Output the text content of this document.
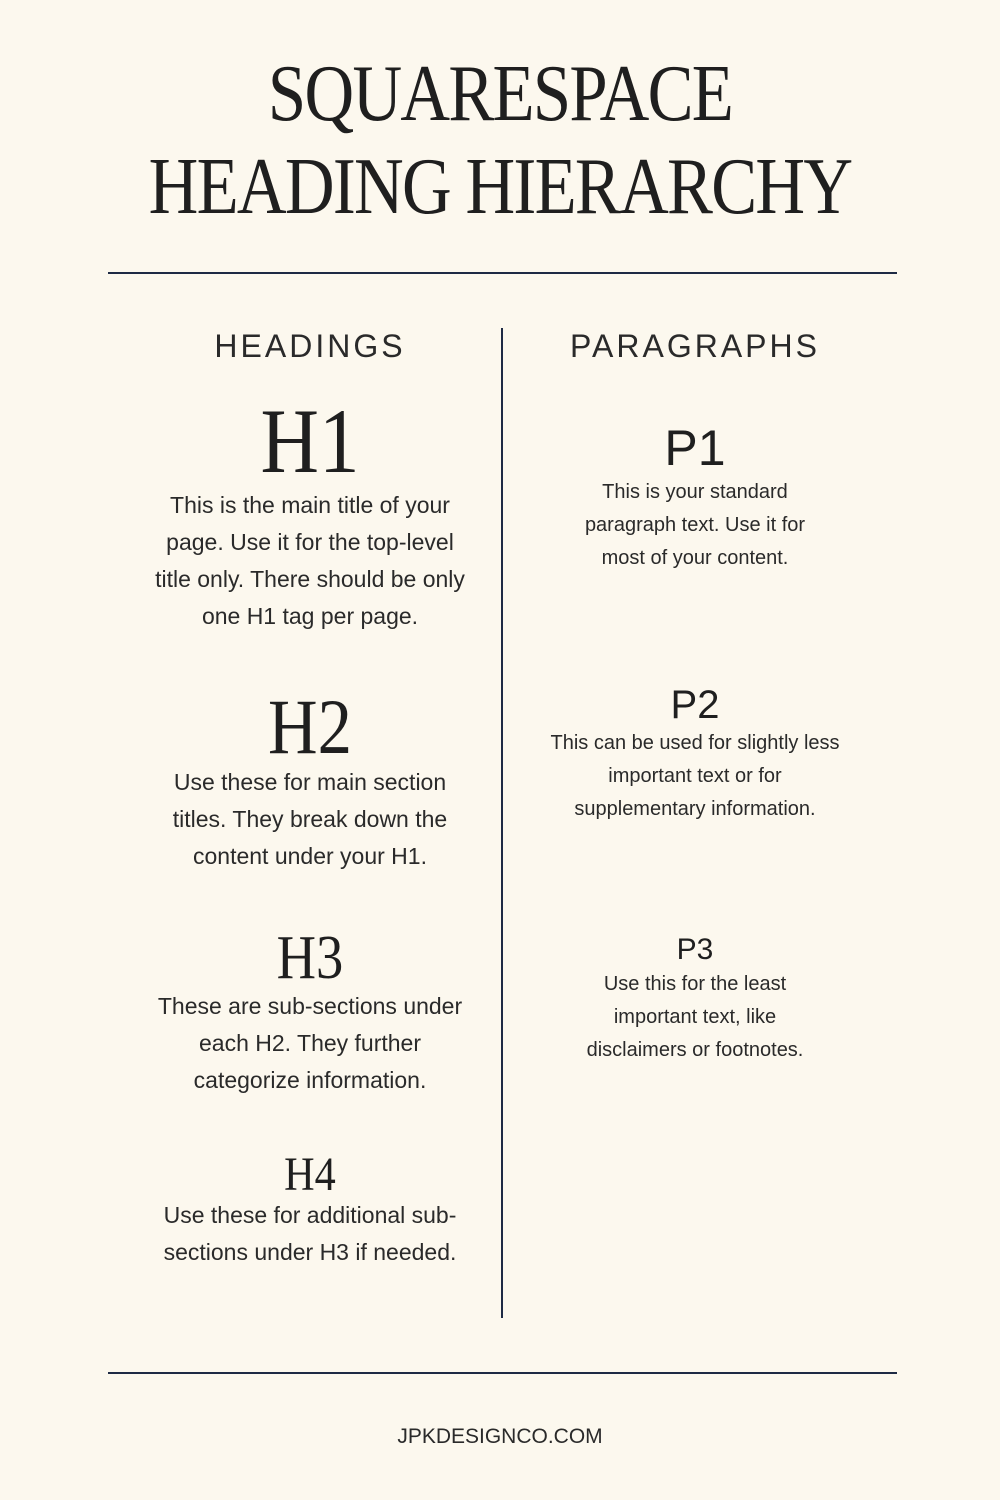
SQUARESPACE
HEADING HIERARCHY
HEADINGS	PARAGRAPHS
H1
This is the main title of your page. Use it for the top-level title only. There should be only one H1 tag per page.
H2
Use these for main section titles. They break down the content under your H1.
H3
These are sub-sections under each H2. They further categorize information.
H4
Use these for additional sub-sections under H3 if needed.
P1
This is your standard paragraph text. Use it for most of your content.
P2
This can be used for slightly less important text or for supplementary information.
P3
Use this for the least important text, like disclaimers or footnotes.
JPKDESIGNCO.COM
